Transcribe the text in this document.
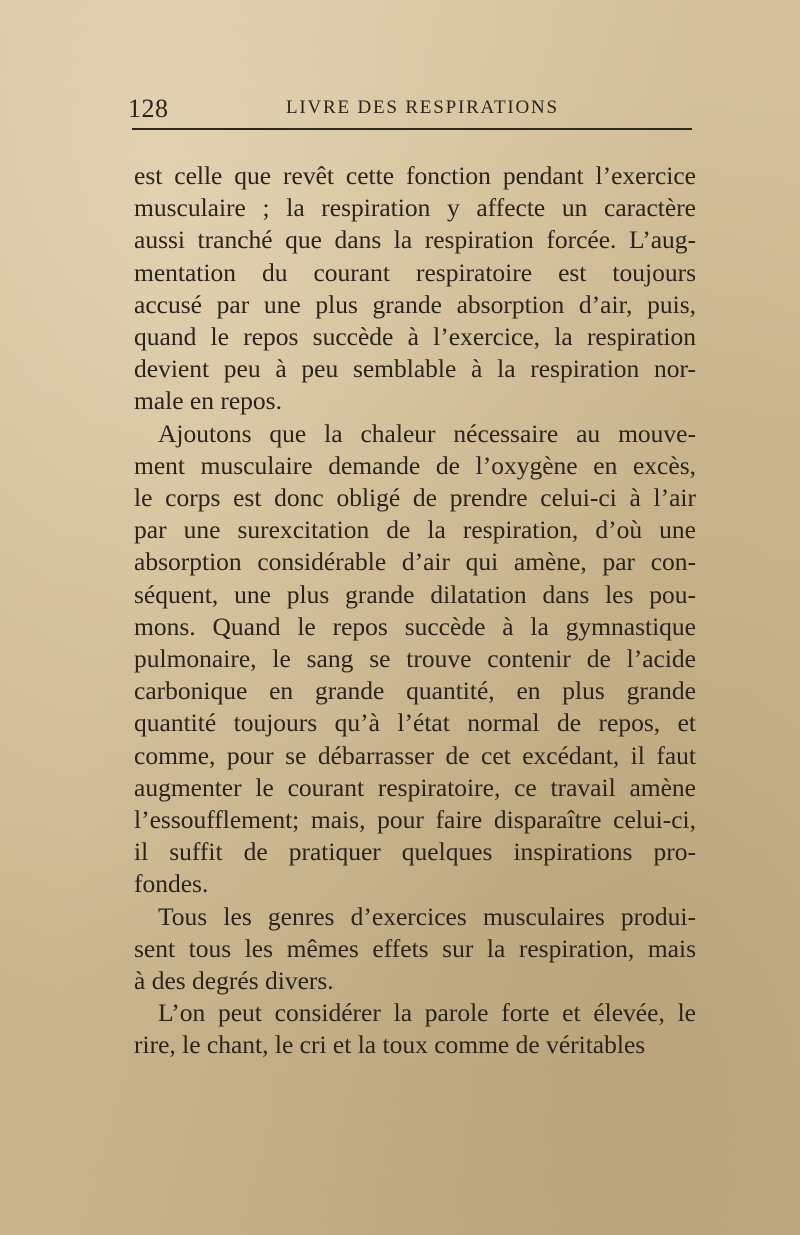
128	LIVRE DES RESPIRATIONS

est celle que revêt cette fonction pendant l’exercice
musculaire ; la respiration y affecte un caractère
aussi tranché que dans la respiration forcée. L’aug-
mentation du courant respiratoire est toujours
accusé par une plus grande absorption d’air, puis,
quand le repos succède à l’exercice, la respiration
devient peu à peu semblable à la respiration nor-
male en repos.

Ajoutons que la chaleur nécessaire au mouve-
ment musculaire demande de l’oxygène en excès,
le corps est donc obligé de prendre celui-ci à l’air
par une surexcitation de la respiration, d’où une
absorption considérable d’air qui amène, par con-
séquent, une plus grande dilatation dans les pou-
mons. Quand le repos succède à la gymnastique
pulmonaire, le sang se trouve contenir de l’acide
carbonique en grande quantité, en plus grande
quantité toujours qu’à l’état normal de repos, et
comme, pour se débarrasser de cet excédant, il faut
augmenter le courant respiratoire, ce travail amène
l’essoufflement; mais, pour faire disparaître celui-ci,
il suffit de pratiquer quelques inspirations pro-
fondes.

Tous les genres d’exercices musculaires produi-
sent tous les mêmes effets sur la respiration, mais
à des degrés divers.

L’on peut considérer la parole forte et élevée, le
rire, le chant, le cri et la toux comme de véritables
